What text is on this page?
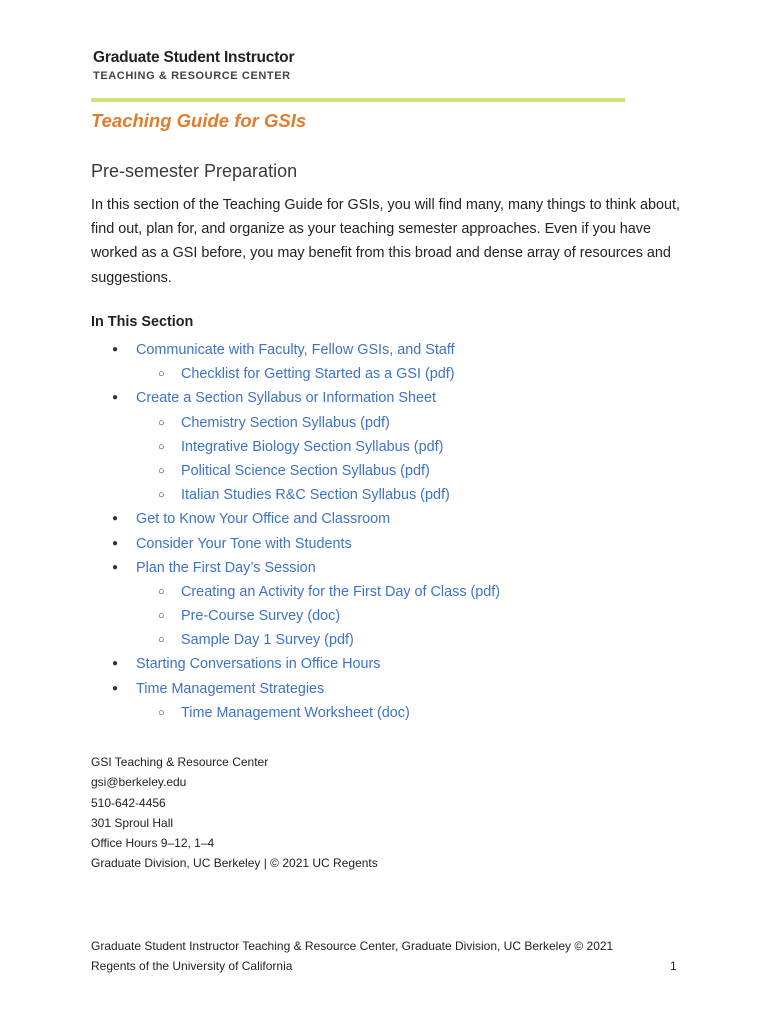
Graduate Student Instructor
TEACHING & RESOURCE CENTER
Teaching Guide for GSIs
Pre-semester Preparation
In this section of the Teaching Guide for GSIs, you will find many, many things to think about, find out, plan for, and organize as your teaching semester approaches. Even if you have worked as a GSI before, you may benefit from this broad and dense array of resources and suggestions.
In This Section
● Communicate with Faculty, Fellow GSIs, and Staff
○ Checklist for Getting Started as a GSI (pdf)
● Create a Section Syllabus or Information Sheet
○ Chemistry Section Syllabus (pdf)
○ Integrative Biology Section Syllabus (pdf)
○ Political Science Section Syllabus (pdf)
○ Italian Studies R&C Section Syllabus (pdf)
● Get to Know Your Office and Classroom
● Consider Your Tone with Students
● Plan the First Day’s Session
○ Creating an Activity for the First Day of Class (pdf)
○ Pre-Course Survey (doc)
○ Sample Day 1 Survey (pdf)
● Starting Conversations in Office Hours
● Time Management Strategies
○ Time Management Worksheet (doc)
GSI Teaching & Resource Center
gsi@berkeley.edu
510-642-4456
301 Sproul Hall
Office Hours 9–12, 1–4
Graduate Division, UC Berkeley | © 2021 UC Regents
Graduate Student Instructor Teaching & Resource Center, Graduate Division, UC Berkeley © 2021
Regents of the University of California	1
